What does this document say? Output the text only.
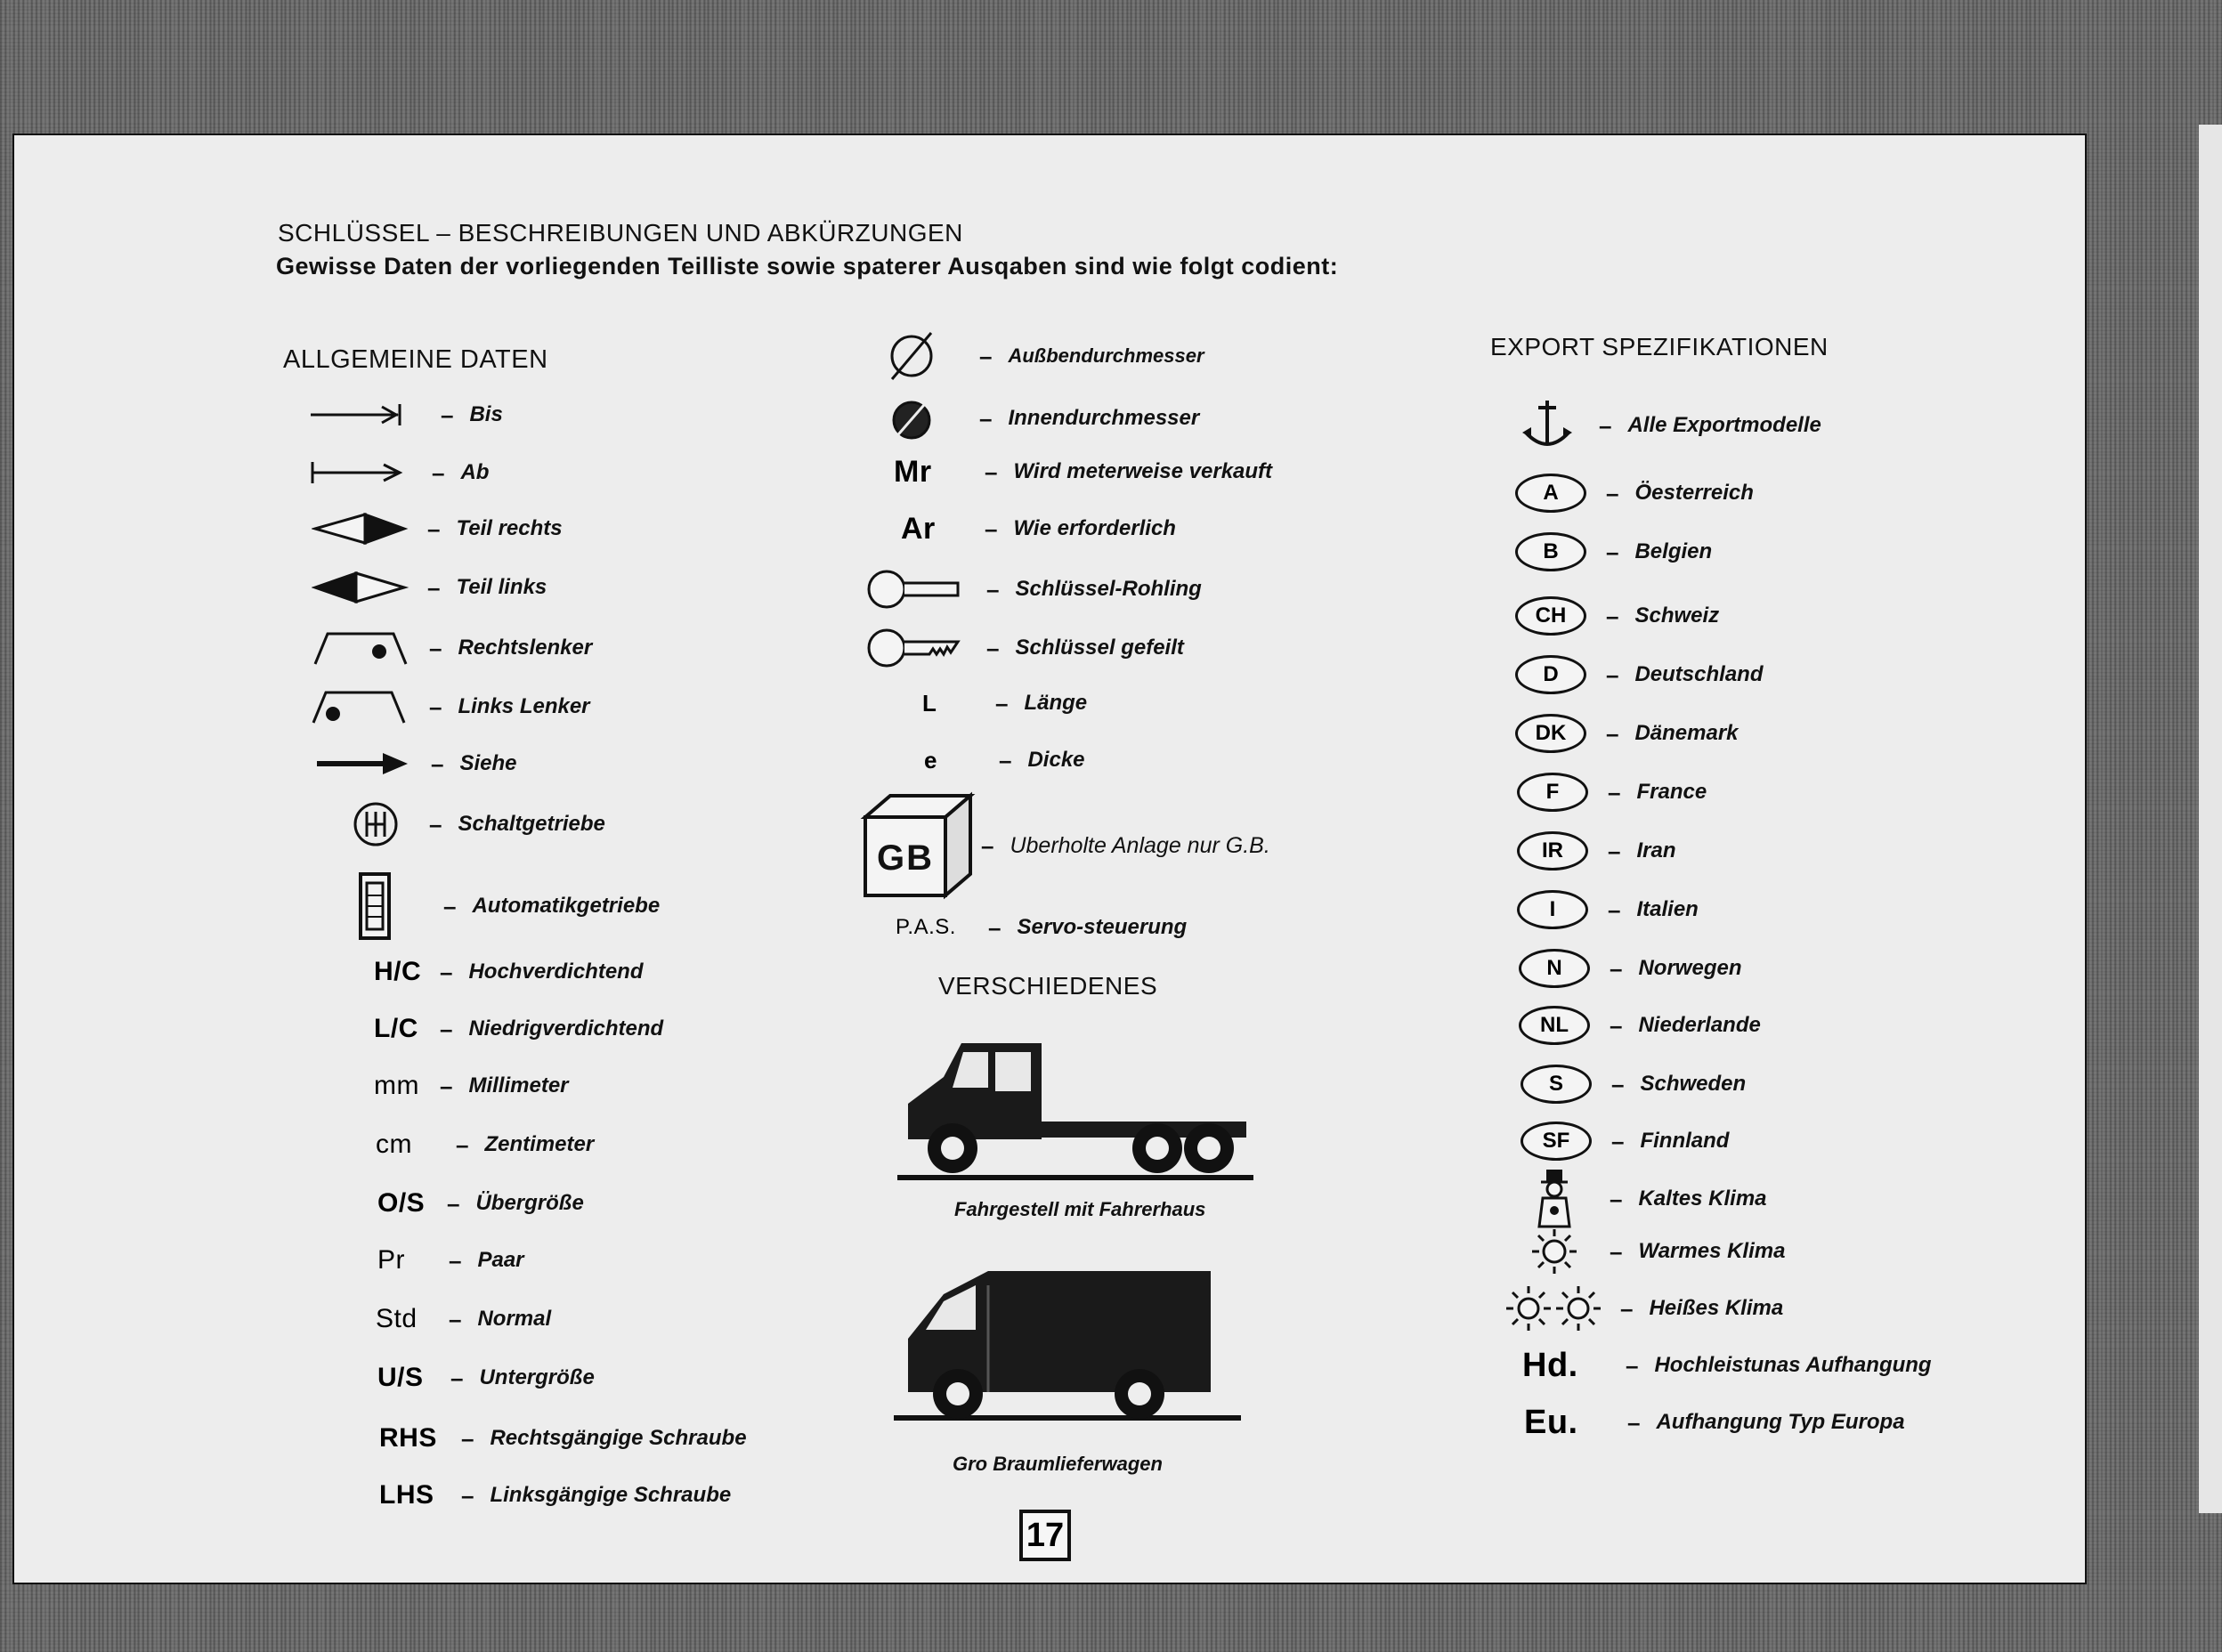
SCHLÜSSEL – BESCHREIBUNGEN UND ABKÜRZUNGEN
Gewisse Daten der vorliegenden Teilliste sowie spaterer Ausqaben sind wie folgt codient:
ALLGEMEINE DATEN
– Bis
– Ab
– Teil rechts
– Teil links
– Rechtslenker
– Links Lenker
– Siehe
– Schaltgetriebe
– Automatikgetriebe
H/C – Hochverdichtend
L/C – Niedrigverdichtend
mm – Millimeter
cm	– Zentimeter
O/S – Übergröße
Pr	– Paar
Std	– Normal
U/S	– Untergröße
RHS	– Rechtsgängige Schraube
LHS	– Linksgängige Schraube
– Außbendurchmesser
– Innendurchmesser
Mr	– Wird meterweise verkauft
Ar	– Wie erforderlich
– Schlüssel-Rohling
– Schlüssel gefeilt
L	– Länge
e	– Dicke
GB	– Uberholte Anlage nur G.B.
P.A.S.	– Servo-steuerung
VERSCHIEDENES
Fahrgestell mit Fahrerhaus
Gro Braumlieferwagen
EXPORT SPEZIFIKATIONEN
– Alle Exportmodelle
A	– Öesterreich
B	– Belgien
CH	– Schweiz
D	– Deutschland
DK	– Dänemark
F	– France
IR	– Iran
I	– Italien
N	– Norwegen
NL	– Niederlande
S	– Schweden
SF	– Finnland
– Kaltes Klima
– Warmes Klima
– Heißes Klima
Hd.	– Hochleistunas Aufhangung
Eu.	– Aufhangung Typ Europa
17
